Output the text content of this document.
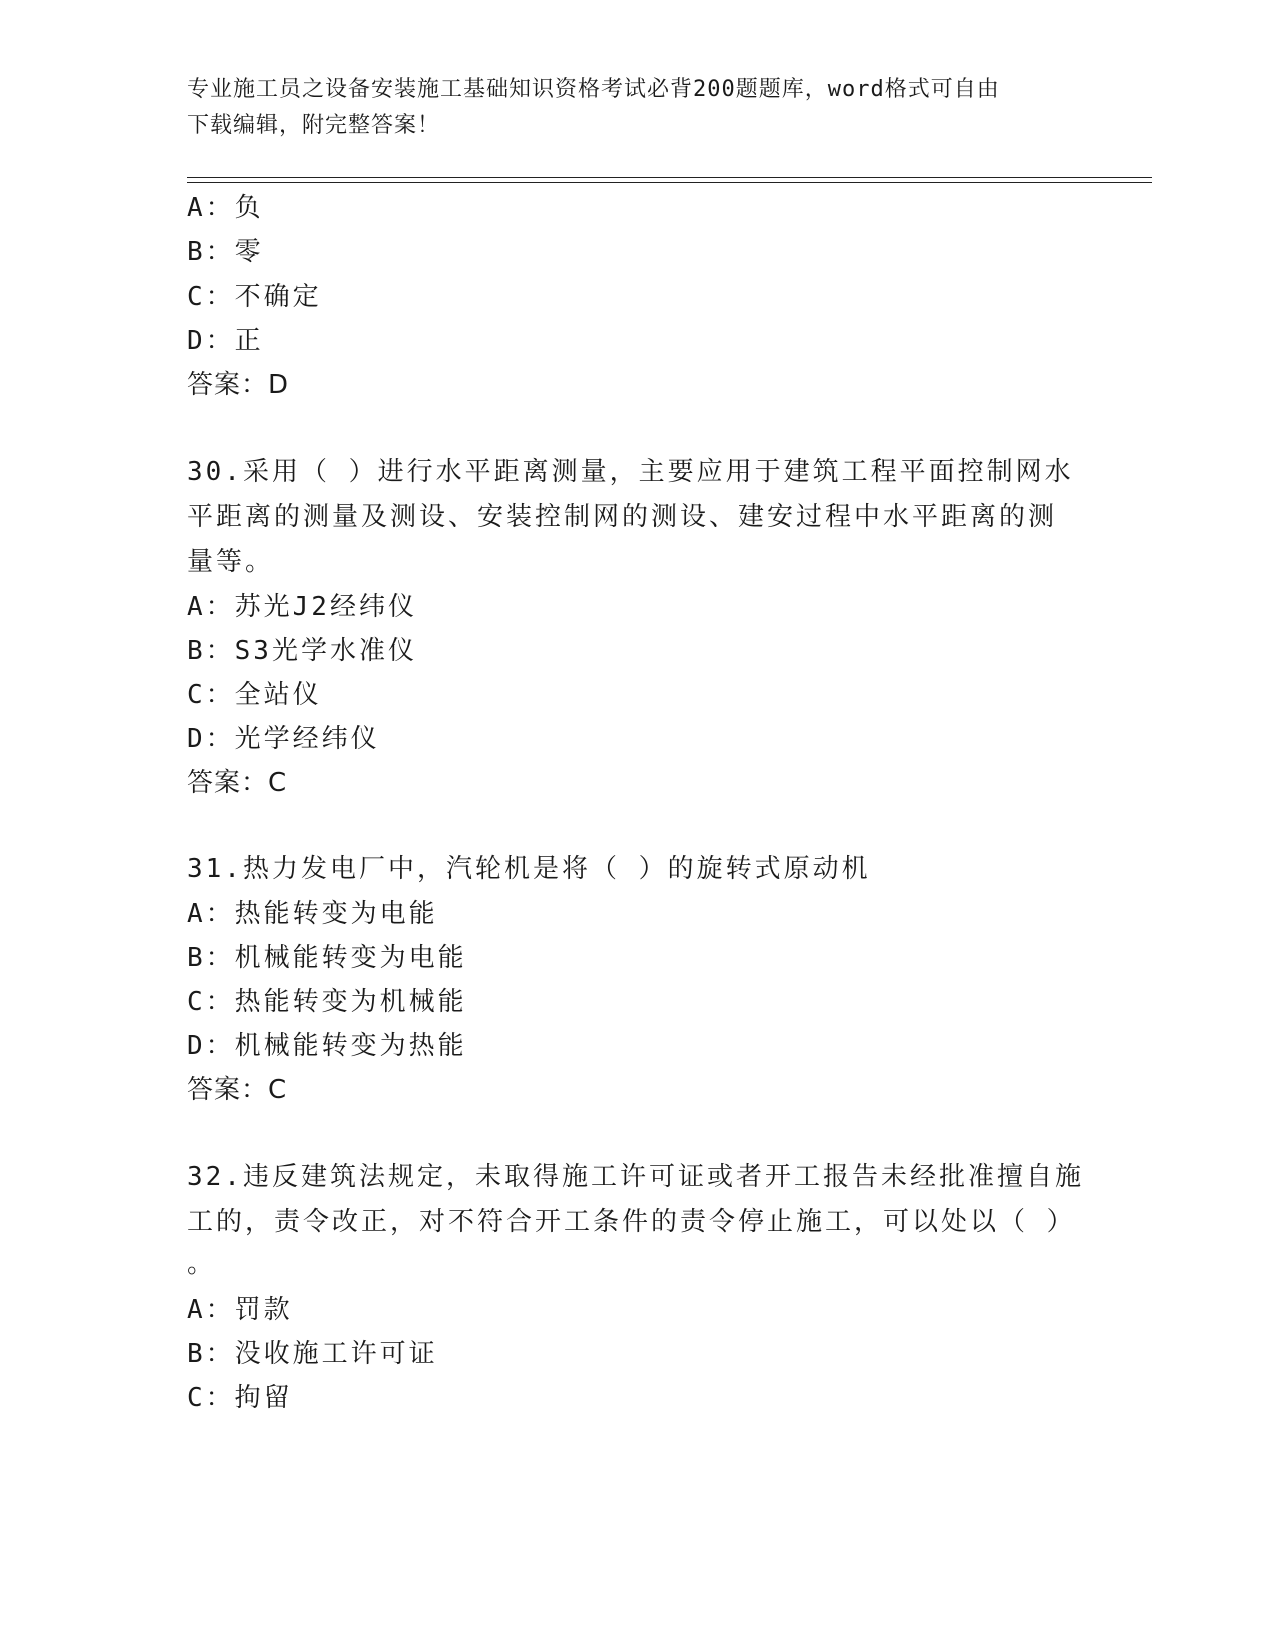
专业施工员之设备安装施工基础知识资格考试必背200题题库，word格式可自由
下载编辑，附完整答案！
A：负
B：零
C：不确定
D：正
答案：D
30.采用（ ）进行水平距离测量，主要应用于建筑工程平面控制网水
平距离的测量及测设、安装控制网的测设、建安过程中水平距离的测
量等。
A：苏光J2经纬仪
B：S3光学水准仪
C：全站仪
D：光学经纬仪
答案：C
31.热力发电厂中，汽轮机是将（ ）的旋转式原动机
A：热能转变为电能
B：机械能转变为电能
C：热能转变为机械能
D：机械能转变为热能
答案：C
32.违反建筑法规定，未取得施工许可证或者开工报告未经批准擅自施
工的，责令改正，对不符合开工条件的责令停止施工，可以处以（ ）
。
A：罚款
B：没收施工许可证
C：拘留
